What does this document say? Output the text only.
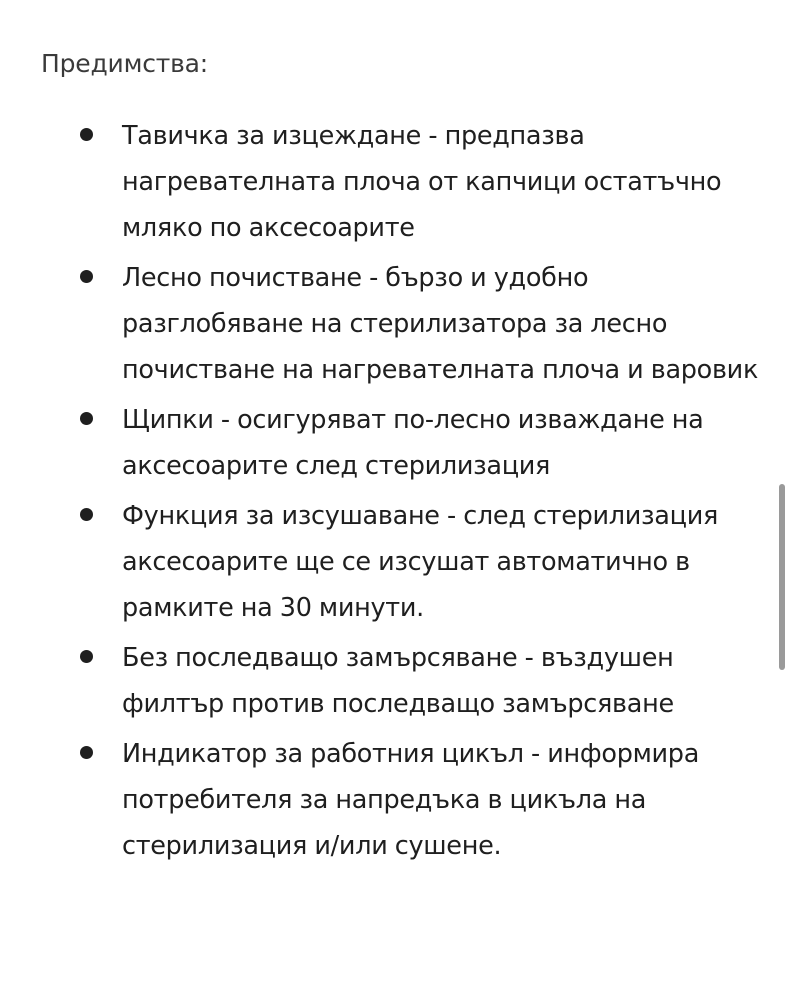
Предимства:
Тавичка за изцеждане - предпазва нагревателната плоча от капчици остатъчно мляко по аксесоарите
Лесно почистване - бързо и удобно разглобяване на стерилизатора за лесно почистване на нагревателната плоча и варовик
Щипки - осигуряват по-лесно изваждане на аксесоарите след стерилизация
Функция за изсушаване - след стерилизация аксесоарите ще се изсушат автоматично в рамките на 30 минути.
Без последващо замърсяване - въздушен филтър против последващо замърсяване
Индикатор за работния цикъл - информира потребителя за напредъка в цикъла на стерилизация и/или сушене.
